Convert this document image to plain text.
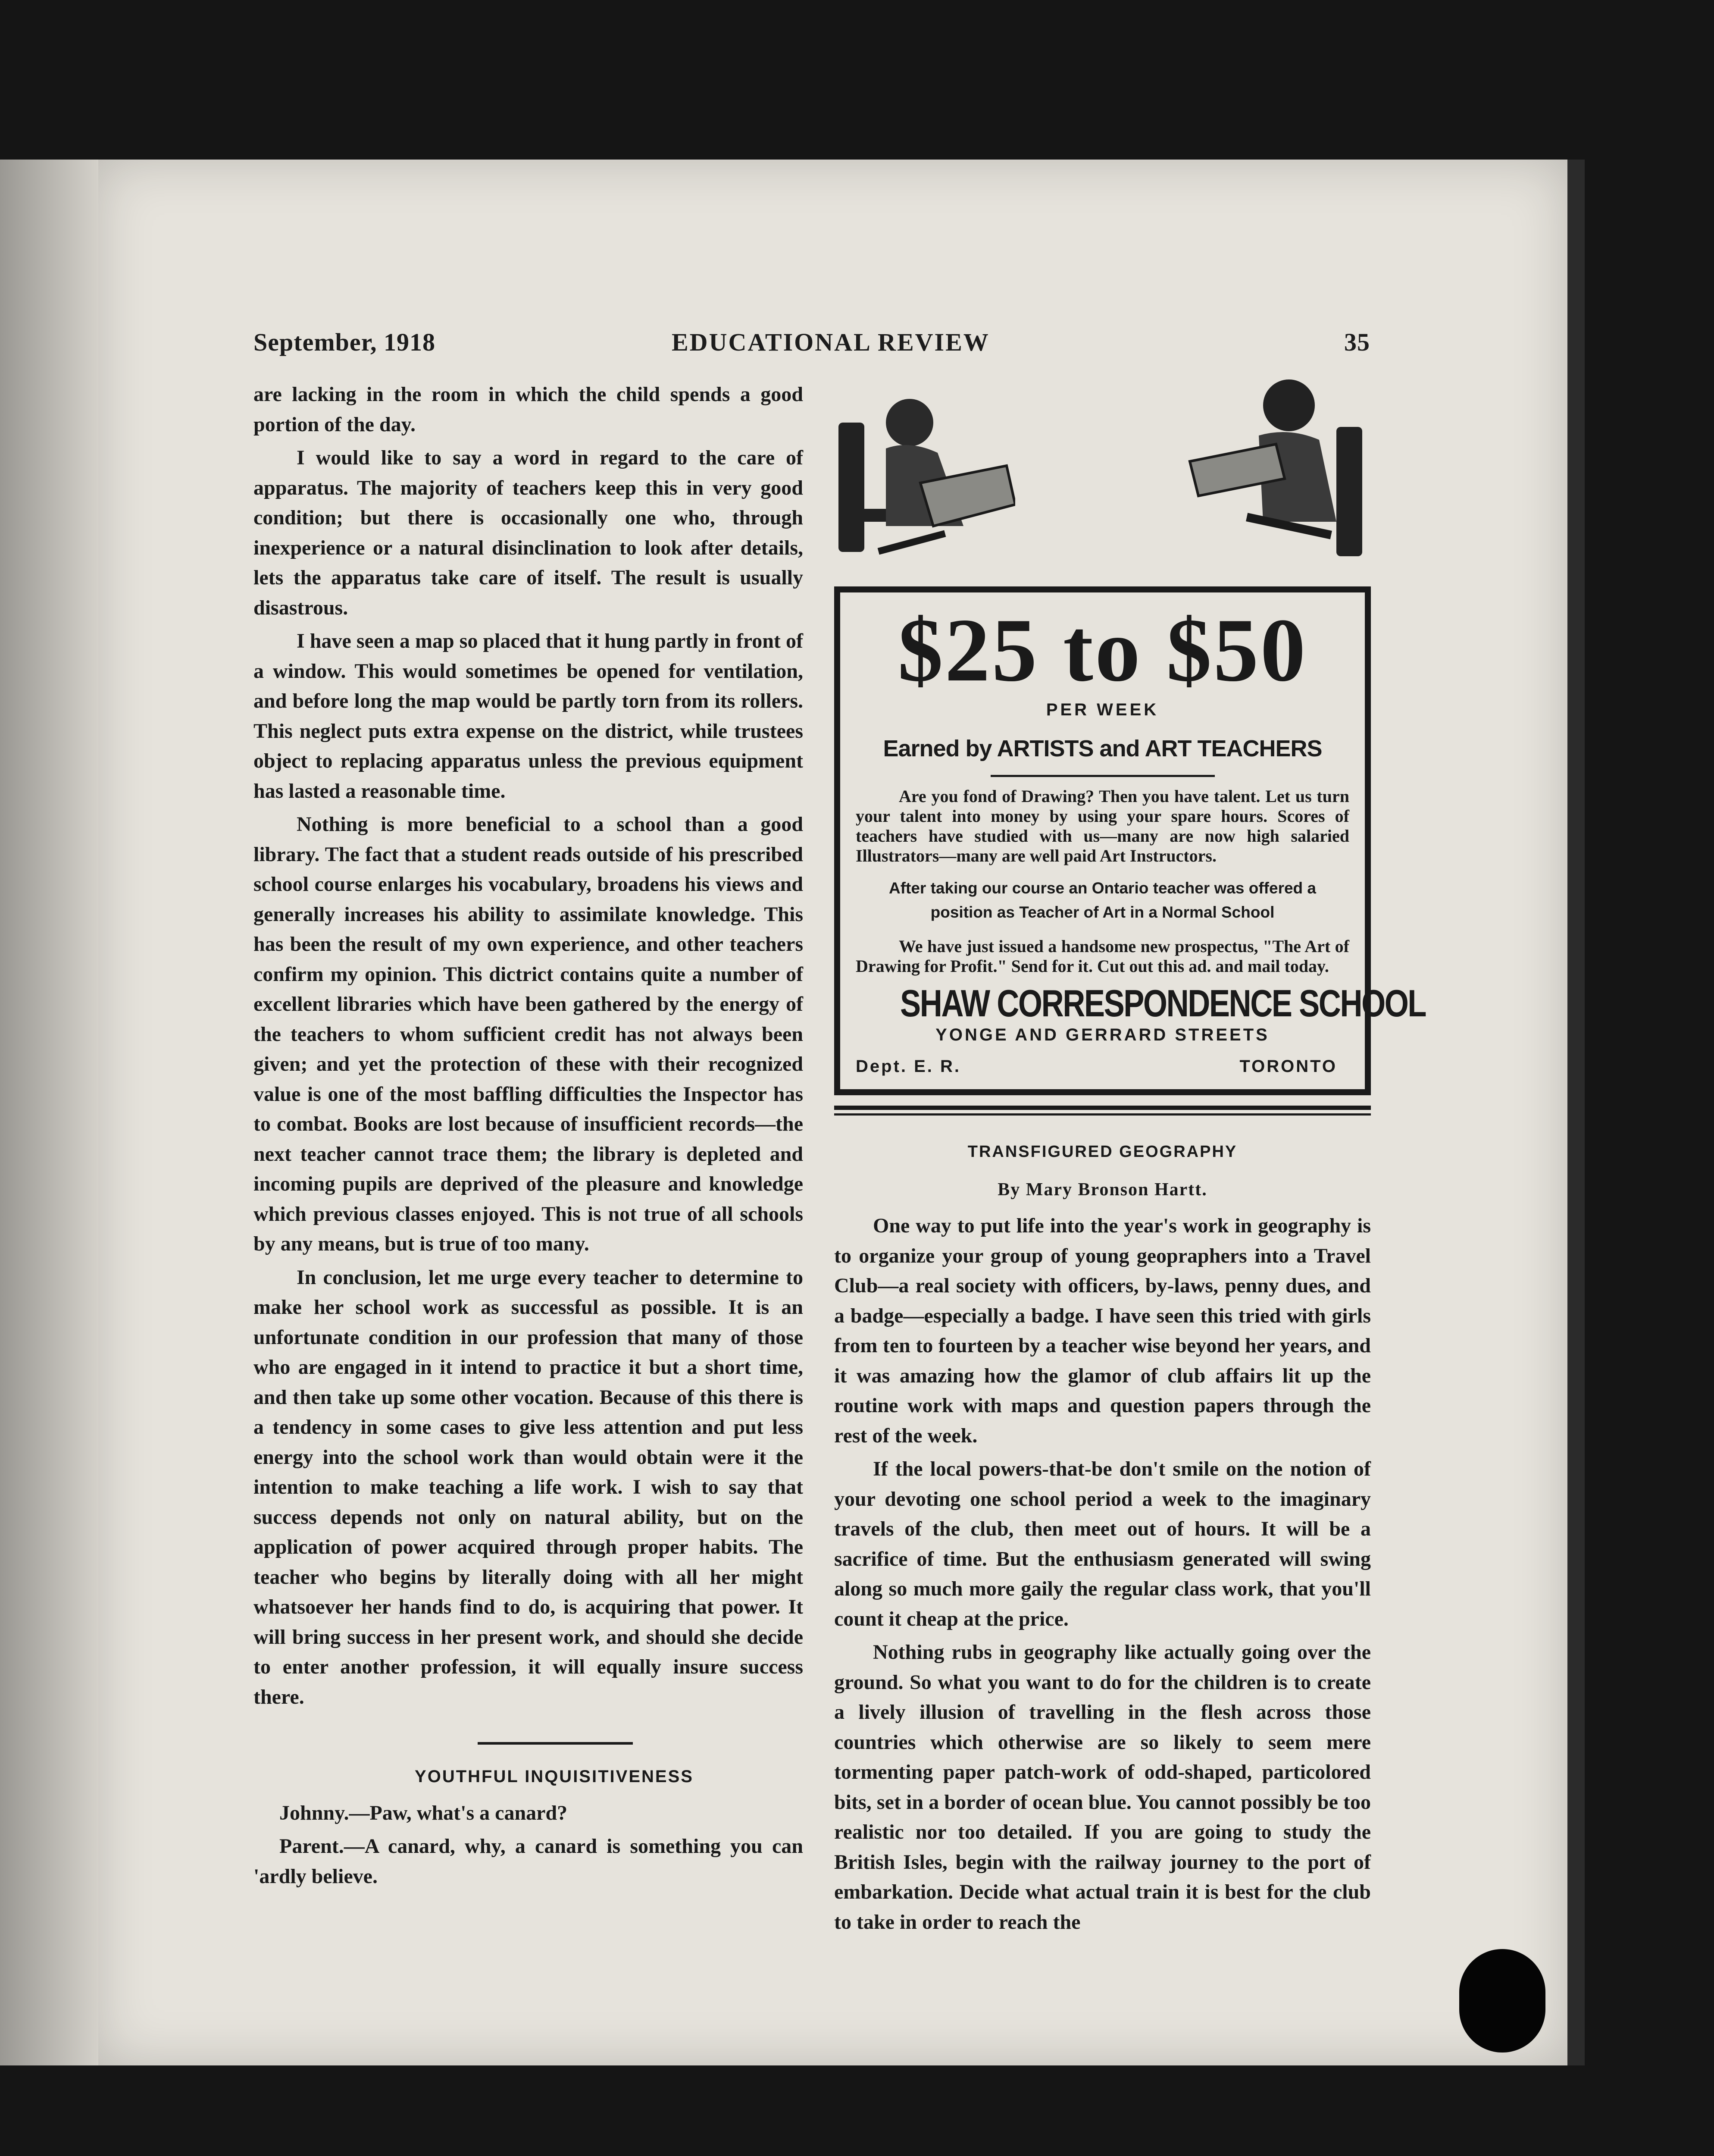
September, 1918	EDUCATIONAL REVIEW	35

are lacking in the room in which the child spends a good portion of the day.

I would like to say a word in regard to the care of apparatus. The majority of teachers keep this in very good condition; but there is occasionally one who, through inexperience or a natural disinclination to look after details, lets the apparatus take care of itself. The result is usually disastrous.

I have seen a map so placed that it hung partly in front of a window. This would sometimes be opened for ventilation, and before long the map would be partly torn from its rollers. This neglect puts extra expense on the district, while trustees object to replacing apparatus unless the previous equipment has lasted a reasonable time.

Nothing is more beneficial to a school than a good library. The fact that a student reads outside of his prescribed school course enlarges his vocabulary, broadens his views and generally increases his ability to assimilate knowledge. This has been the result of my own experience, and other teachers confirm my opinion. This dictrict contains quite a number of excellent libraries which have been gathered by the energy of the teachers to whom sufficient credit has not always been given; and yet the protection of these with their recognized value is one of the most baffling difficulties the Inspector has to combat. Books are lost because of insufficient records—the next teacher cannot trace them; the library is depleted and incoming pupils are deprived of the pleasure and knowledge which previous classes enjoyed. This is not true of all schools by any means, but is true of too many.

In conclusion, let me urge every teacher to determine to make her school work as successful as possible. It is an unfortunate condition in our profession that many of those who are engaged in it intend to practice it but a short time, and then take up some other vocation. Because of this there is a tendency in some cases to give less attention and put less energy into the school work than would obtain were it the intention to make teaching a life work. I wish to say that success depends not only on natural ability, but on the application of power acquired through proper habits. The teacher who begins by literally doing with all her might whatsoever her hands find to do, is acquiring that power. It will bring success in her present work, and should she decide to enter another profession, it will equally insure success there.

YOUTHFUL INQUISITIVENESS

Johnny.—Paw, what's a canard?

Parent.—A canard, why, a canard is something you can 'ardly believe.

$25 to $50
PER WEEK
Earned by ARTISTS and ART TEACHERS

Are you fond of Drawing? Then you have talent. Let us turn your talent into money by using your spare hours. Scores of teachers have studied with us—many are now high salaried Illustrators—many are well paid Art Instructors.

After taking our course an Ontario teacher was offered a position as Teacher of Art in a Normal School

We have just issued a handsome new prospectus, "The Art of Drawing for Profit." Send for it. Cut out this ad. and mail today.

SHAW CORRESPONDENCE SCHOOL
YONGE AND GERRARD STREETS
Dept. E. R.	TORONTO
TRANSFIGURED GEOGRAPHY
By Mary Bronson Hartt.

One way to put life into the year's work in geography is to organize your group of young geopraphers into a Travel Club—a real society with officers, by-laws, penny dues, and a badge—especially a badge. I have seen this tried with girls from ten to fourteen by a teacher wise beyond her years, and it was amazing how the glamor of club affairs lit up the routine work with maps and question papers through the rest of the week.

If the local powers-that-be don't smile on the notion of your devoting one school period a week to the imaginary travels of the club, then meet out of hours. It will be a sacrifice of time. But the enthusiasm generated will swing along so much more gaily the regular class work, that you'll count it cheap at the price.

Nothing rubs in geography like actually going over the ground. So what you want to do for the children is to create a lively illusion of travelling in the flesh across those countries which otherwise are so likely to seem mere tormenting paper patch-work of odd-shaped, particolored bits, set in a border of ocean blue. You cannot possibly be too realistic nor too detailed. If you are going to study the British Isles, begin with the railway journey to the port of embarkation. Decide what actual train it is best for the club to take in order to reach the
